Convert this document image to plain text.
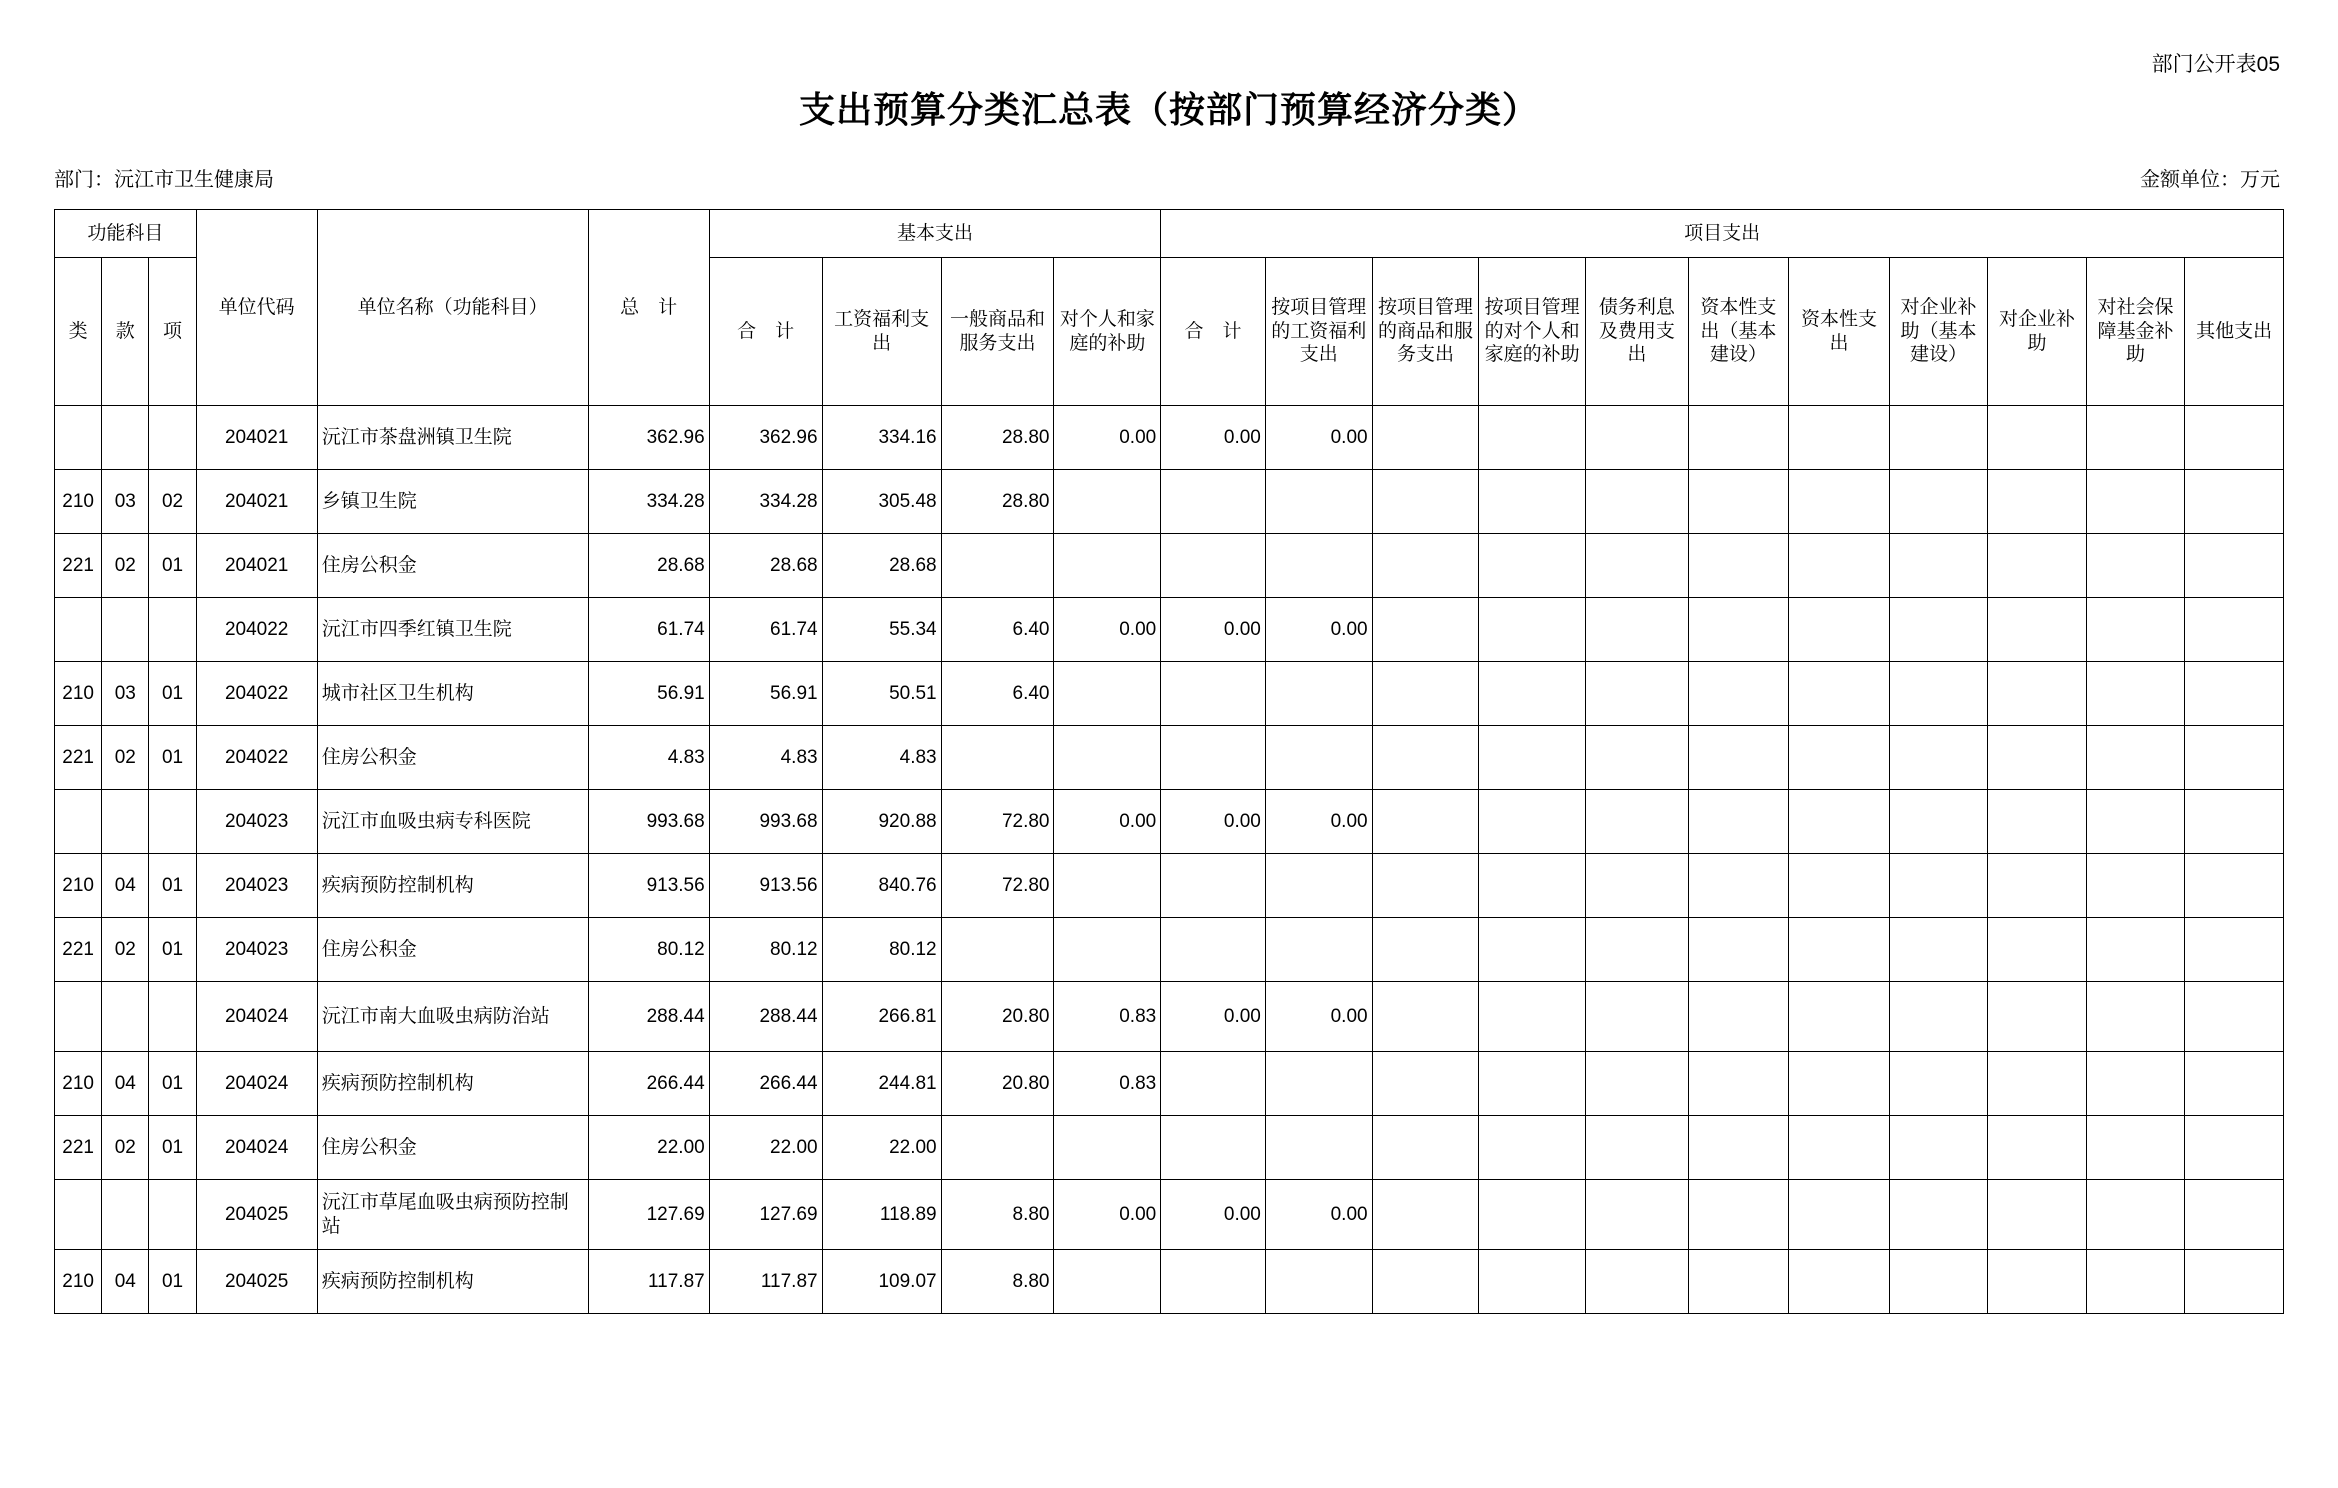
部门公开表05
支出预算分类汇总表（按部门预算经济分类）
部门：沅江市卫生健康局	金额单位：万元
功能科目			单位代码	单位名称（功能科目）	总　计	基本支出				项目支出										
类	款	项				合　计	工资福利支出	一般商品和服务支出	对个人和家庭的补助	合　计	按项目管理的工资福利支出	按项目管理的商品和服务支出	按项目管理的对个人和家庭的补助	债务利息及费用支出	资本性支出（基本建设）	资本性支出	对企业补助（基本建设）	对企业补助	对社会保障基金补助	其他支出
			204021	沅江市茶盘洲镇卫生院	362.96	362.96	334.16	28.80	0.00	0.00	0.00									
210	03	02	204021	乡镇卫生院	334.28	334.28	305.48	28.80												
221	02	01	204021	住房公积金	28.68	28.68	28.68													
			204022	沅江市四季红镇卫生院	61.74	61.74	55.34	6.40	0.00	0.00	0.00									
210	03	01	204022	城市社区卫生机构	56.91	56.91	50.51	6.40												
221	02	01	204022	住房公积金	4.83	4.83	4.83													
			204023	沅江市血吸虫病专科医院	993.68	993.68	920.88	72.80	0.00	0.00	0.00									
210	04	01	204023	疾病预防控制机构	913.56	913.56	840.76	72.80												
221	02	01	204023	住房公积金	80.12	80.12	80.12													
			204024	沅江市南大血吸虫病防治站	288.44	288.44	266.81	20.80	0.83	0.00	0.00									
210	04	01	204024	疾病预防控制机构	266.44	266.44	244.81	20.80	0.83											
221	02	01	204024	住房公积金	22.00	22.00	22.00													
			204025	沅江市草尾血吸虫病预防控制站	127.69	127.69	118.89	8.80	0.00	0.00	0.00									
210	04	01	204025	疾病预防控制机构	117.87	117.87	109.07	8.80												
